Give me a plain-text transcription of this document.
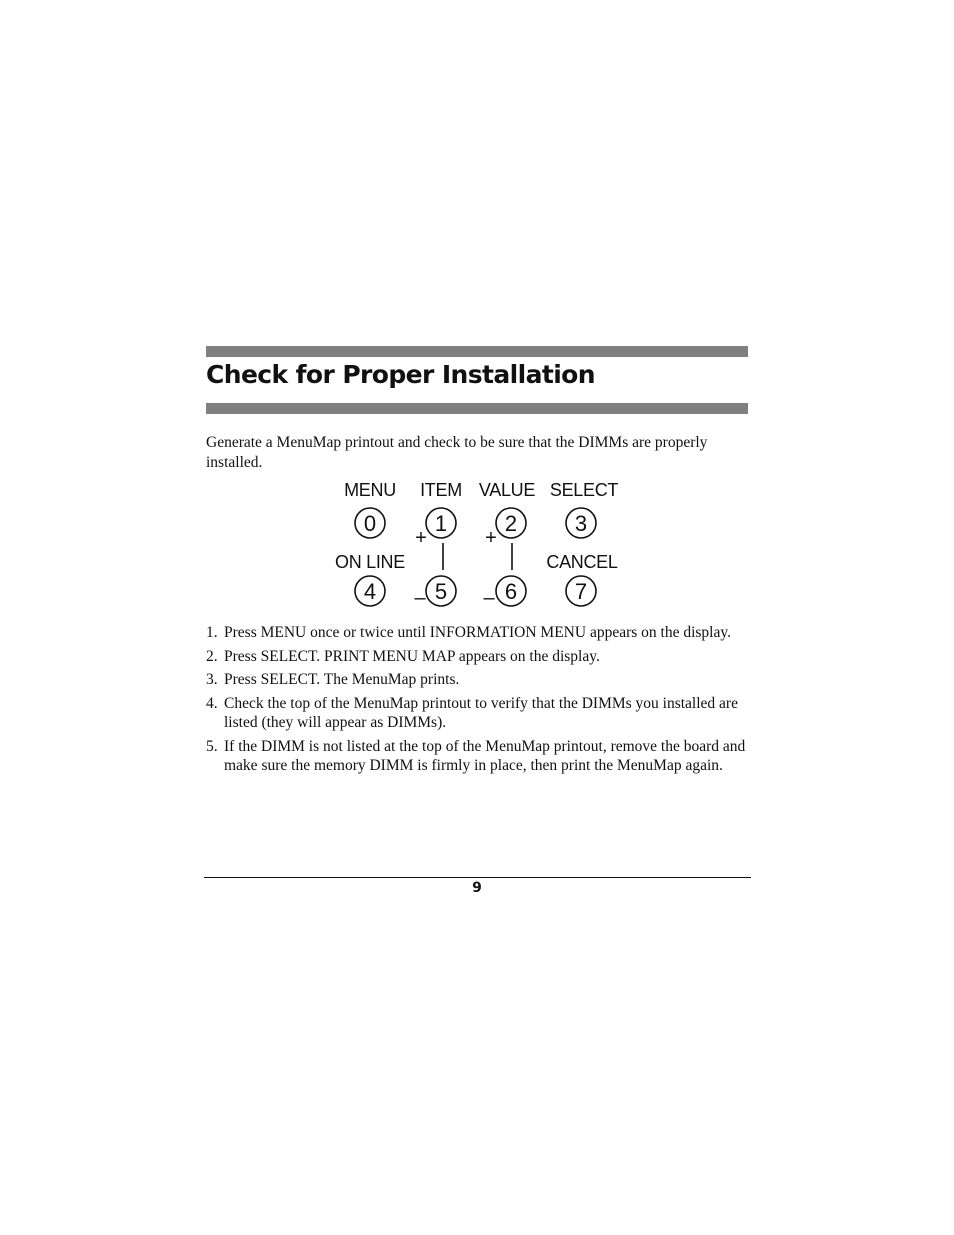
Check for Proper Installation

Generate a MenuMap printout and check to be sure that the DIMMs are properly installed.

MENU ITEM VALUE SELECT
0	1	2	3
+	+
ON LINE	CANCEL
4	5	6	7
–	–
1. Press MENU once or twice until INFORMATION MENU appears on the display.
2. Press SELECT. PRINT MENU MAP appears on the display.
3. Press SELECT. The MenuMap prints.
4. Check the top of the MenuMap printout to verify that the DIMMs you installed are listed (they will appear as DIMMs).
5. If the DIMM is not listed at the top of the MenuMap printout, remove the board and make sure the memory DIMM is firmly in place, then print the MenuMap again.
9
